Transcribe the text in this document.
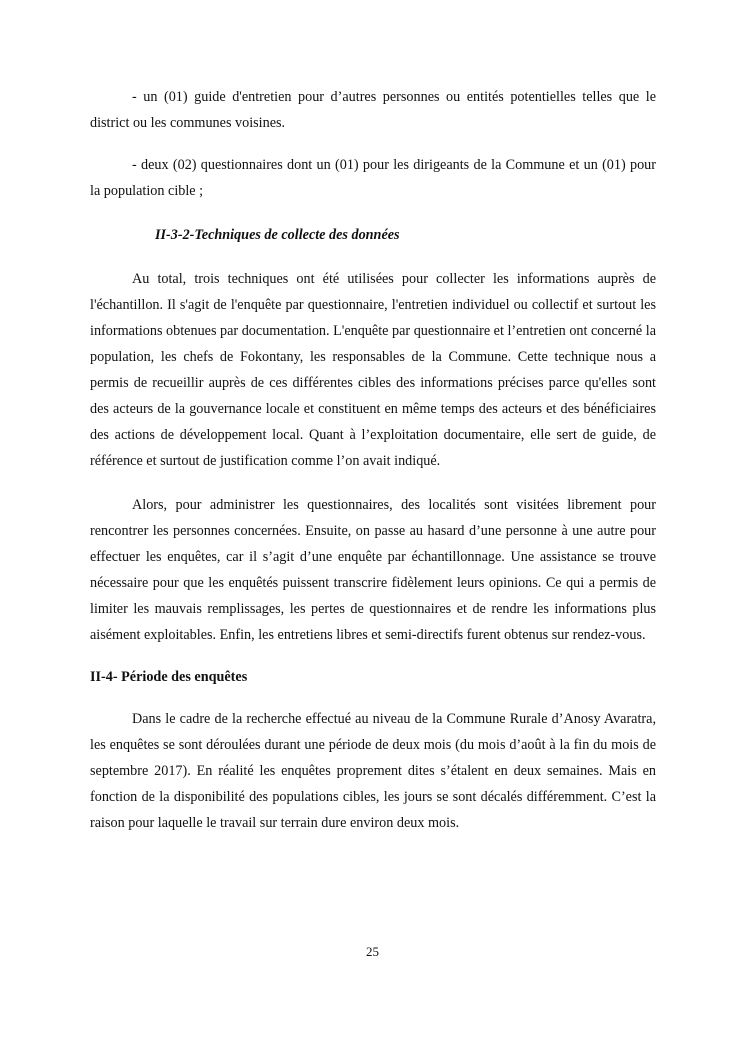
- un (01) guide d'entretien pour d’autres personnes ou entités potentielles telles que le district ou les communes voisines.

- deux (02) questionnaires dont un (01) pour les dirigeants de la Commune et un (01) pour la population cible ;

II-3-2-Techniques de collecte des données

Au total, trois techniques ont été utilisées pour collecter les informations auprès de l'échantillon. Il s'agit de l'enquête par questionnaire, l'entretien individuel ou collectif et surtout les informations obtenues par documentation. L'enquête par questionnaire et l’entretien ont concerné la population, les chefs de Fokontany, les responsables de la Commune. Cette technique nous a permis de recueillir auprès de ces différentes cibles des informations précises parce qu'elles sont des acteurs de la gouvernance locale et constituent en même temps des acteurs et des bénéficiaires des actions de développement local. Quant à l’exploitation documentaire, elle sert de guide, de référence et surtout de justification comme l’on avait indiqué.

Alors, pour administrer les questionnaires, des localités sont visitées librement pour rencontrer les personnes concernées. Ensuite, on passe au hasard d’une personne à une autre pour effectuer les enquêtes, car il s’agit d’une enquête par échantillonnage. Une assistance se trouve nécessaire pour que les enquêtés puissent transcrire fidèlement leurs opinions. Ce qui a permis de limiter les mauvais remplissages, les pertes de questionnaires et de rendre les informations plus aisément exploitables. Enfin, les entretiens libres et semi-directifs furent obtenus sur rendez-vous.

II-4- Période des enquêtes

Dans le cadre de la recherche effectué au niveau de la Commune Rurale d’Anosy Avaratra, les enquêtes se sont déroulées durant une période de deux mois (du mois d’août à la fin du mois de septembre 2017). En réalité les enquêtes proprement dites s’étalent en deux semaines. Mais en fonction de la disponibilité des populations cibles, les jours se sont décalés différemment. C’est la raison pour laquelle le travail sur terrain dure environ deux mois.

25
